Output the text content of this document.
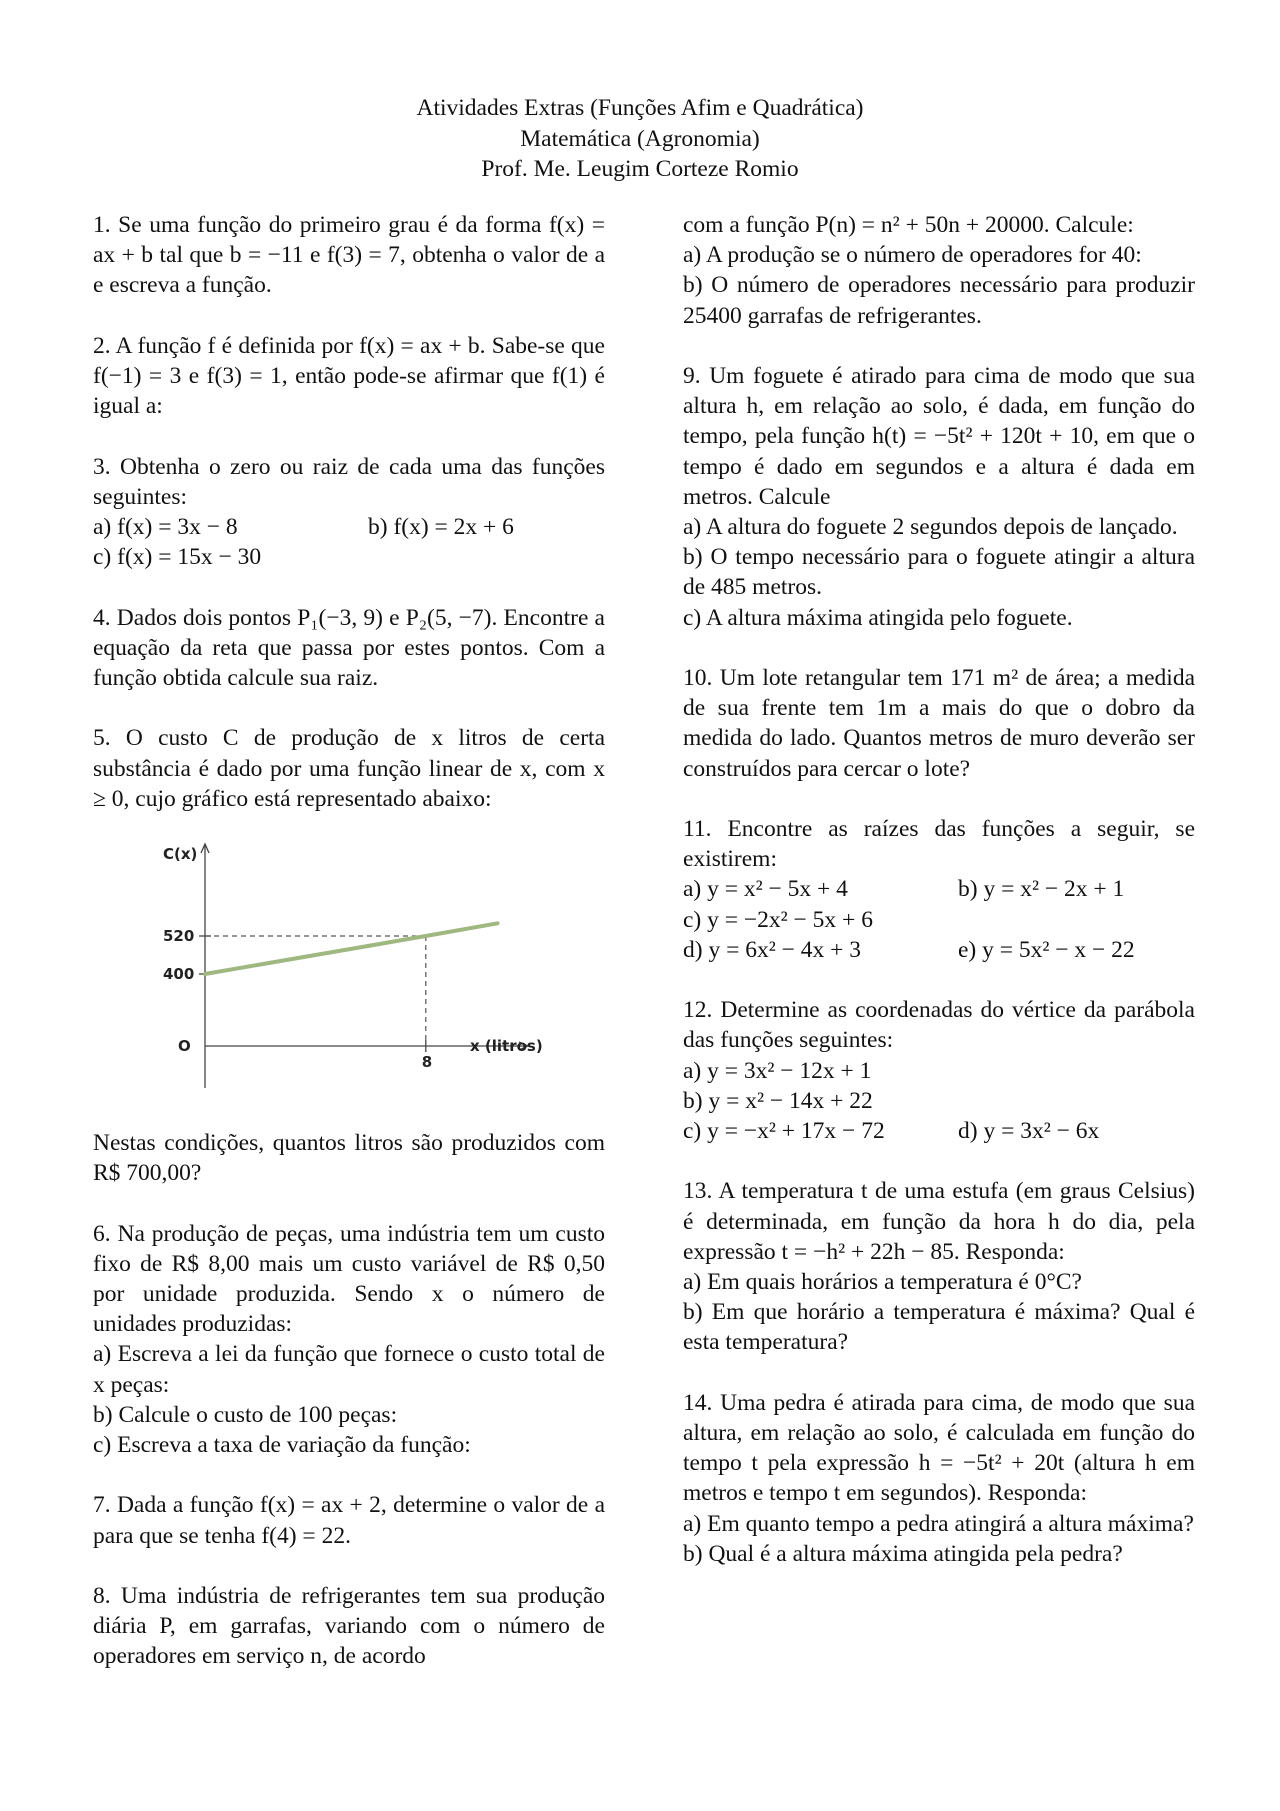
Atividades Extras (Funções Afim e Quadrática)
Matemática (Agronomia)
Prof. Me. Leugim Corteze Romio

1. Se uma função do primeiro grau é da forma f(x) = ax + b tal que b = −11 e f(3) = 7, obtenha o valor de a e escreva a função.

2. A função f é definida por f(x) = ax + b. Sabe-se que f(−1) = 3 e f(3) = 1, então pode-se afirmar que f(1) é igual a:

3. Obtenha o zero ou raiz de cada uma das funções seguintes:

a) f(x) = 3x − 8	b) f(x) = 2x + 6

c) f(x) = 15x − 30

4. Dados dois pontos P₁(−3, 9) e P₂(5, −7). Encontre a equação da reta que passa por estes pontos. Com a função obtida calcule sua raiz.

5. O custo C de produção de x litros de certa substância é dado por uma função linear de x, com x ≥ 0, cujo gráfico está representado abaixo:

C(x)
x (litros)
O
400
520
8

Nestas condições, quantos litros são produzidos com R$ 700,00?

6. Na produção de peças, uma indústria tem um custo fixo de R$ 8,00 mais um custo variável de R$ 0,50 por unidade produzida. Sendo x o número de unidades produzidas:

a) Escreva a lei da função que fornece o custo total de x peças:

b) Calcule o custo de 100 peças:

c) Escreva a taxa de variação da função:

7. Dada a função f(x) = ax + 2, determine o valor de a para que se tenha f(4) = 22.

8. Uma indústria de refrigerantes tem sua produção diária P, em garrafas, variando com o número de operadores em serviço n, de acordo

com a função P(n) = n² + 50n + 20000. Calcule:

a) A produção se o número de operadores for 40:

b) O número de operadores necessário para produzir 25400 garrafas de refrigerantes.

9. Um foguete é atirado para cima de modo que sua altura h, em relação ao solo, é dada, em função do tempo, pela função h(t) = −5t² + 120t + 10, em que o tempo é dado em segundos e a altura é dada em metros. Calcule

a) A altura do foguete 2 segundos depois de lançado.

b) O tempo necessário para o foguete atingir a altura de 485 metros.

c) A altura máxima atingida pelo foguete.

10. Um lote retangular tem 171 m² de área; a medida de sua frente tem 1m a mais do que o dobro da medida do lado. Quantos metros de muro deverão ser construídos para cercar o lote?

11. Encontre as raízes das funções a seguir, se existirem:

a) y = x² − 5x + 4	b) y = x² − 2x + 1

c) y = −2x² − 5x + 6

d) y = 6x² − 4x + 3	e) y = 5x² − x − 22

12. Determine as coordenadas do vértice da parábola das funções seguintes:

a) y = 3x² − 12x + 1

b) y = x² − 14x + 22

c) y = −x² + 17x − 72	d) y = 3x² − 6x

13. A temperatura t de uma estufa (em graus Celsius) é determinada, em função da hora h do dia, pela expressão t = −h² + 22h − 85. Responda:

a) Em quais horários a temperatura é 0°C?

b) Em que horário a temperatura é máxima? Qual é esta temperatura?

14. Uma pedra é atirada para cima, de modo que sua altura, em relação ao solo, é calculada em função do tempo t pela expressão h = −5t² + 20t (altura h em metros e tempo t em segundos). Responda:

a) Em quanto tempo a pedra atingirá a altura máxima?

b) Qual é a altura máxima atingida pela pedra?
